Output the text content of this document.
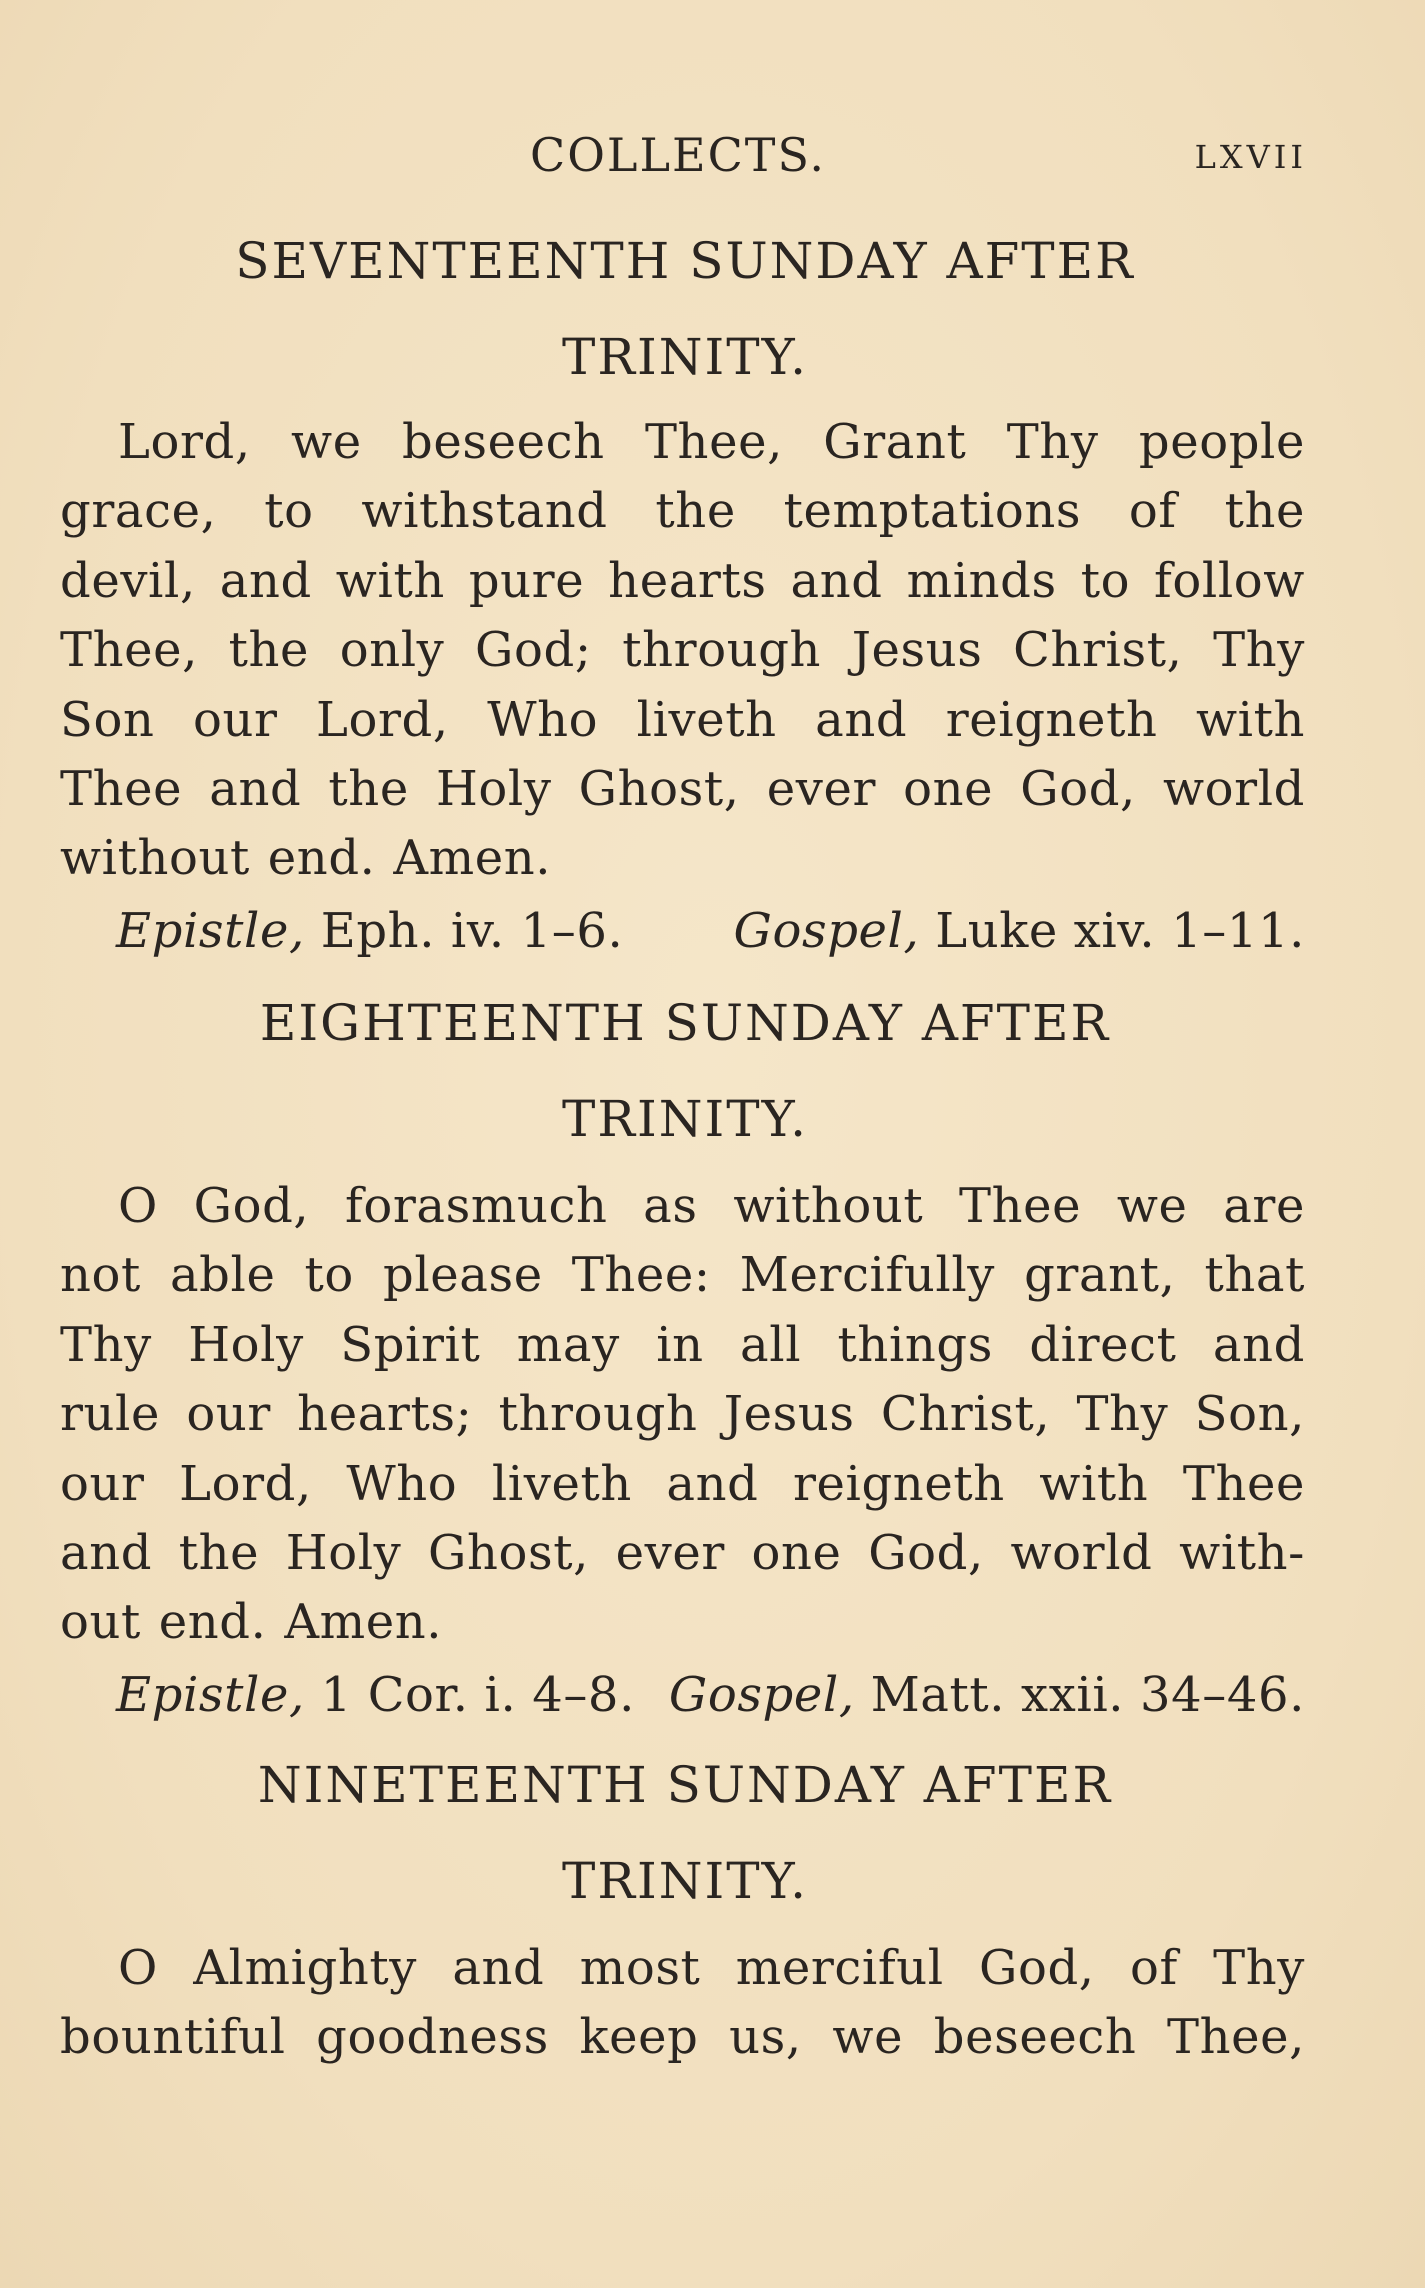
COLLECTS.	LXVII
SEVENTEENTH SUNDAY AFTER
TRINITY.
Lord, we beseech Thee, Grant Thy people
grace, to withstand the temptations of the
devil, and with pure hearts and minds to follow
Thee, the only God; through Jesus Christ, Thy
Son our Lord, Who liveth and reigneth with
Thee and the Holy Ghost, ever one God, world
without end. Amen.
Epistle, Eph. iv. 1–6. Gospel, Luke xiv. 1–11.
EIGHTEENTH SUNDAY AFTER
TRINITY.
O God, forasmuch as without Thee we are
not able to please Thee: Mercifully grant, that
Thy Holy Spirit may in all things direct and
rule our hearts; through Jesus Christ, Thy Son,
our Lord, Who liveth and reigneth with Thee
and the Holy Ghost, ever one God, world with-
out end. Amen.
Epistle, 1 Cor. i. 4–8. Gospel, Matt. xxii. 34–46.
NINETEENTH SUNDAY AFTER
TRINITY.
O Almighty and most merciful God, of Thy
bountiful goodness keep us, we beseech Thee,
